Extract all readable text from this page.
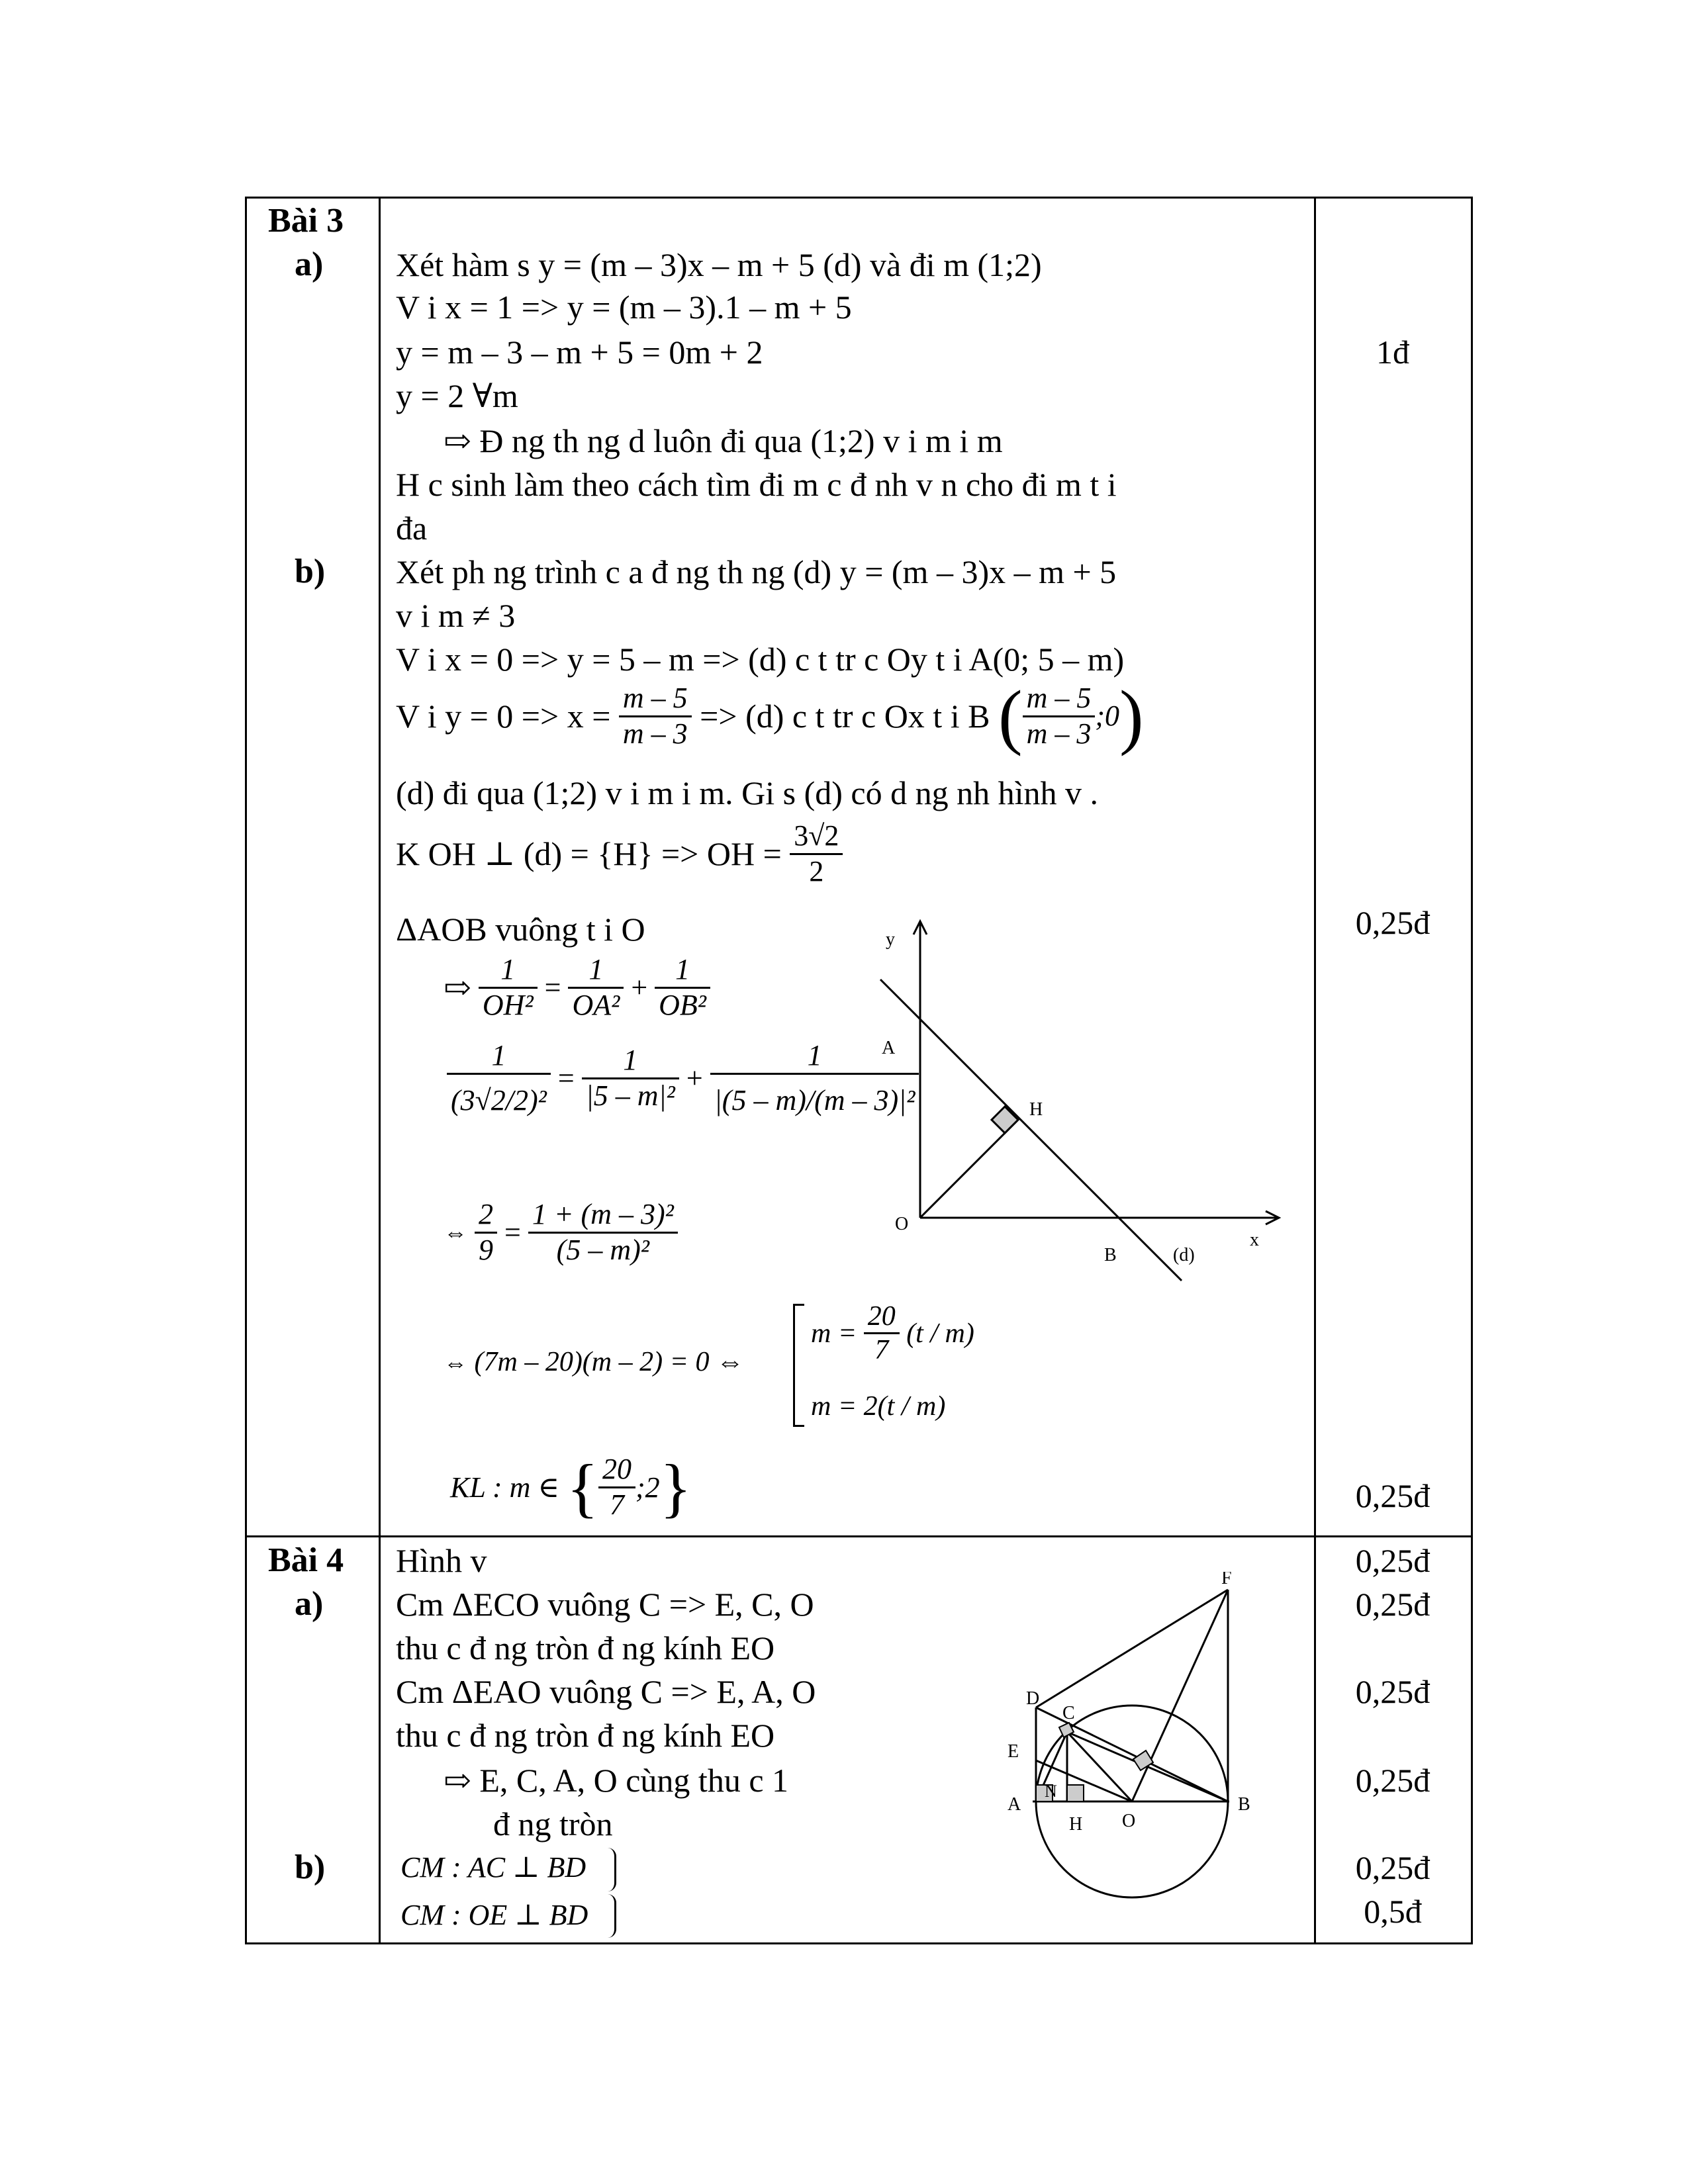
Bài 3
a)
b)
Xét hàm s y = (m – 3)x – m + 5 (d) và đi m (1;2)
V i x = 1 => y = (m – 3).1 – m + 5
y = m – 3 – m + 5 = 0m + 2
y = 2 ∀m
⇨ Đ ng th ng d luôn đi qua (1;2) v i m i m
H c sinh làm theo cách tìm đi m c đ nh v n cho đi m t i
đa
Xét ph ng trình c a đ ng th ng (d) y = (m – 3)x – m + 5
v i m ≠ 3
V i x = 0 => y = 5 – m => (d) c t tr c Oy t i A(0; 5 – m)
V i $y = 0 => x = \frac{m - 5}{m - 3} => (d)$ c t tr c Ox t i B ( $\frac{m - 5}{m - 3}$ ;0)
(d) đi qua (1;2) v i m i m. Gi s (d) có d ng nh hình v .
K OH ⊥ (d) = {H} => OH = $\frac{3√2}{2}$
ΔAOB vuông t i O
⇨ $\frac{1}{\text{OH²}} = \frac{1}{\text{OA²}} + \frac{1}{\text{OB²}}$
$\frac{1}{\text{(3√2/2)²}} = \frac{1}{\text{|5 – m|²}} + \frac{1}{\text{|(5 – m)/(m – 3)|²}}$
⇔ $\frac{2}{9} = \frac{\text{1 + (m – 3)²}}{\text{(5 – m)²}}$
⇔ (7m – 20)(m – 2) = 0 ⇔
$m = \frac{20}{7} (t / m)$
m = 2(t / m)
KL : m ∈ { $\frac{20}{7}$ ;2}
1đ
0,25đ
0,25đ
y
A
H
O
B	(d)
x
Bài 4
a)
b)
Hình v
Cm ΔECO vuông C => E, C, O
thu c đ ng tròn đ ng kính EO
Cm ΔEAO vuông C => E, A, O
thu c đ ng tròn đ ng kính EO
⇨ E, C, A, O cùng thu c 1
đ ng tròn
CM : AC ⊥ BD
CM : OE ⊥ BD
0,25đ
0,25đ
0,25đ
0,25đ
0,25đ
0,5đ
F
D
C
E
N
A
H O
B
